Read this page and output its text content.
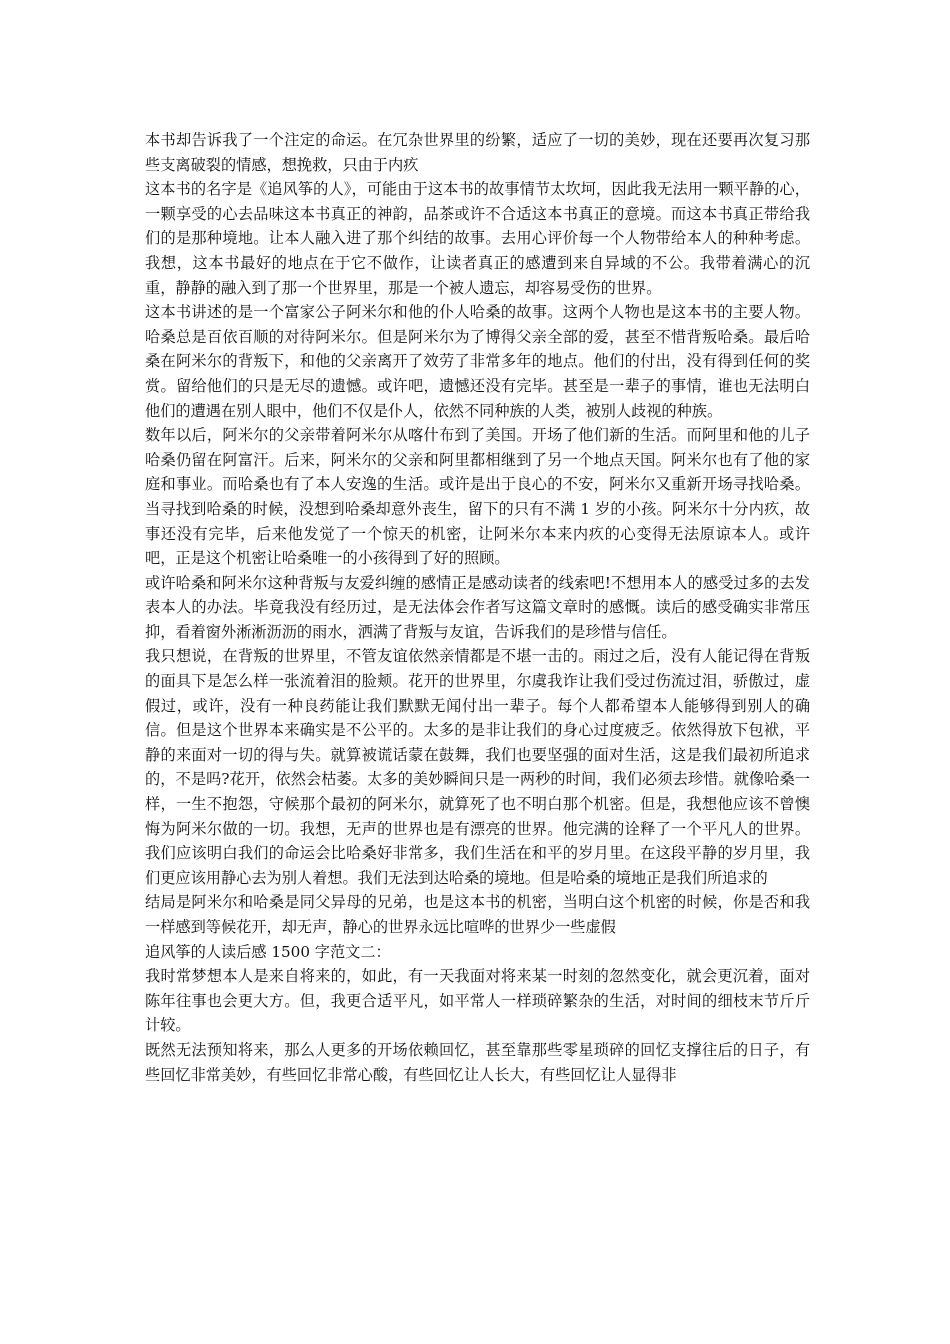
本书却告诉我了一个注定的命运。在冗杂世界里的纷繁，适应了一切的美妙，现在还要再次复习那些支离破裂的情感，想挽救，只由于内疚

这本书的名字是《追风筝的人》，可能由于这本书的故事情节太坎坷，因此我无法用一颗平静的心，一颗享受的心去品味这本书真正的神韵，品茶或许不合适这本书真正的意境。而这本书真正带给我们的是那种境地。让本人融入进了那个纠结的故事。去用心评价每一个人物带给本人的种种考虑。我想，这本书最好的地点在于它不做作，让读者真正的感遭到来自异域的不公。我带着满心的沉重，静静的融入到了那一个世界里，那是一个被人遗忘，却容易受伤的世界。

这本书讲述的是一个富家公子阿米尔和他的仆人哈桑的故事。这两个人物也是这本书的主要人物。哈桑总是百依百顺的对待阿米尔。但是阿米尔为了博得父亲全部的爱，甚至不惜背叛哈桑。最后哈桑在阿米尔的背叛下，和他的父亲离开了效劳了非常多年的地点。他们的付出，没有得到任何的奖赏。留给他们的只是无尽的遗憾。或许吧，遗憾还没有完毕。甚至是一辈子的事情，谁也无法明白他们的遭遇在别人眼中，他们不仅是仆人，依然不同种族的人类，被别人歧视的种族。

数年以后，阿米尔的父亲带着阿米尔从喀什布到了美国。开场了他们新的生活。而阿里和他的儿子哈桑仍留在阿富汗。后来，阿米尔的父亲和阿里都相继到了另一个地点天国。阿米尔也有了他的家庭和事业。而哈桑也有了本人安逸的生活。或许是出于良心的不安，阿米尔又重新开场寻找哈桑。当寻找到哈桑的时候，没想到哈桑却意外丧生，留下的只有不满 1 岁的小孩。阿米尔十分内疚，故事还没有完毕，后来他发觉了一个惊天的机密，让阿米尔本来内疚的心变得无法原谅本人。或许吧，正是这个机密让哈桑唯一的小孩得到了好的照顾。

或许哈桑和阿米尔这种背叛与友爱纠缠的感情正是感动读者的线索吧!不想用本人的感受过多的去发表本人的办法。毕竟我没有经历过，是无法体会作者写这篇文章时的感慨。读后的感受确实非常压抑，看着窗外淅淅沥沥的雨水，洒满了背叛与友谊，告诉我们的是珍惜与信任。

我只想说，在背叛的世界里，不管友谊依然亲情都是不堪一击的。雨过之后，没有人能记得在背叛的面具下是怎么样一张流着泪的脸颊。花开的世界里，尔虞我诈让我们受过伤流过泪，骄傲过，虚假过，或许，没有一种良药能让我们默默无闻付出一辈子。每个人都希望本人能够得到别人的确信。但是这个世界本来确实是不公平的。太多的是非让我们的身心过度疲乏。依然得放下包袱，平静的来面对一切的得与失。就算被谎话蒙在鼓舞，我们也要坚强的面对生活，这是我们最初所追求的，不是吗?花开，依然会枯萎。太多的美妙瞬间只是一两秒的时间，我们必须去珍惜。就像哈桑一样，一生不抱怨，守候那个最初的阿米尔，就算死了也不明白那个机密。但是，我想他应该不曾懊悔为阿米尔做的一切。我想，无声的世界也是有漂亮的世界。他完满的诠释了一个平凡人的世界。我们应该明白我们的命运会比哈桑好非常多，我们生活在和平的岁月里。在这段平静的岁月里，我们更应该用静心去为别人着想。我们无法到达哈桑的境地。但是哈桑的境地正是我们所追求的

结局是阿米尔和哈桑是同父异母的兄弟，也是这本书的机密，当明白这个机密的时候，你是否和我一样感到等候花开，却无声，静心的世界永远比喧哗的世界少一些虚假

追风筝的人读后感 1500 字范文二：

我时常梦想本人是来自将来的，如此，有一天我面对将来某一时刻的忽然变化，就会更沉着，面对陈年往事也会更大方。但，我更合适平凡，如平常人一样琐碎繁杂的生活，对时间的细枝末节斤斤计较。

既然无法预知将来，那么人更多的开场依赖回忆，甚至靠那些零星琐碎的回忆支撑往后的日子，有些回忆非常美妙，有些回忆非常心酸，有些回忆让人长大，有些回忆让人显得非
